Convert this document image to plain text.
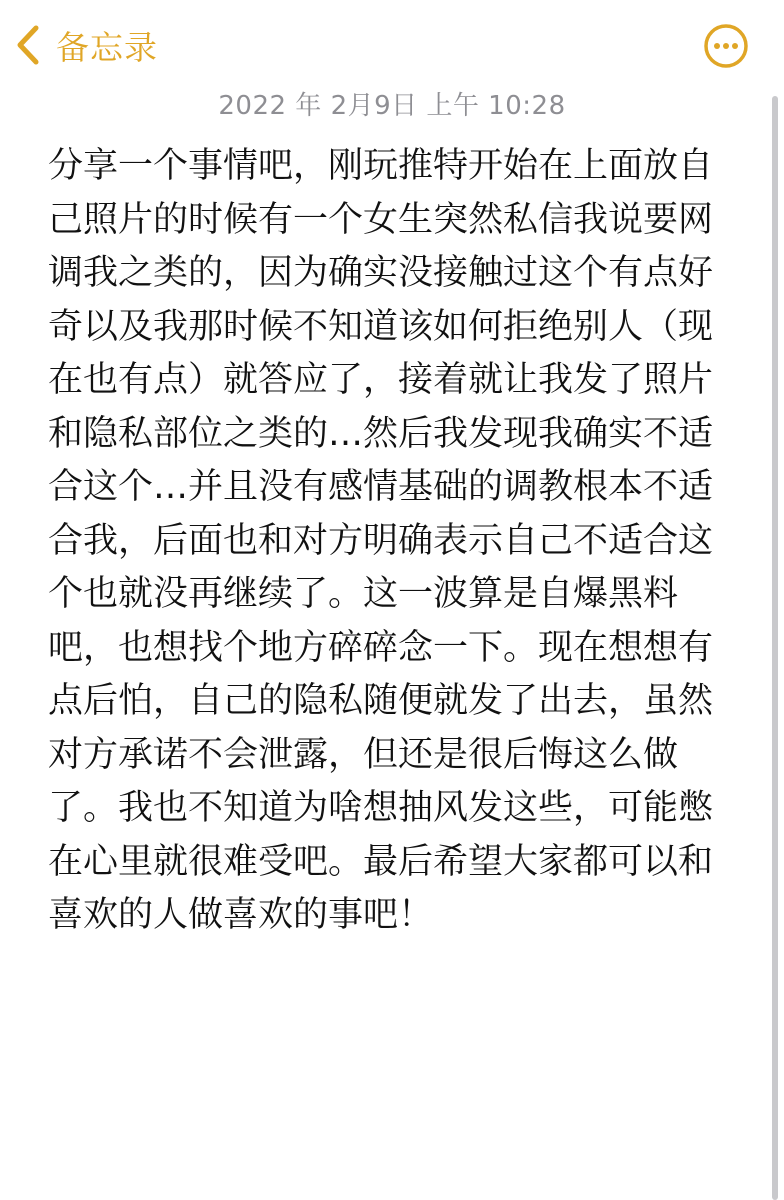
备忘录
2022 年 2月9日 上午 10:28
分享一个事情吧，刚玩推特开始在上面放自己照片的时候有一个女生突然私信我说要网调我之类的，因为确实没接触过这个有点好奇以及我那时候不知道该如何拒绝别人（现在也有点）就答应了，接着就让我发了照片和隐私部位之类的…然后我发现我确实不适合这个…并且没有感情基础的调教根本不适合我，后面也和对方明确表示自己不适合这个也就没再继续了。这一波算是自爆黑料吧，也想找个地方碎碎念一下。现在想想有点后怕，自己的隐私随便就发了出去，虽然对方承诺不会泄露，但还是很后悔这么做了。我也不知道为啥想抽风发这些，可能憋在心里就很难受吧。最后希望大家都可以和喜欢的人做喜欢的事吧！
